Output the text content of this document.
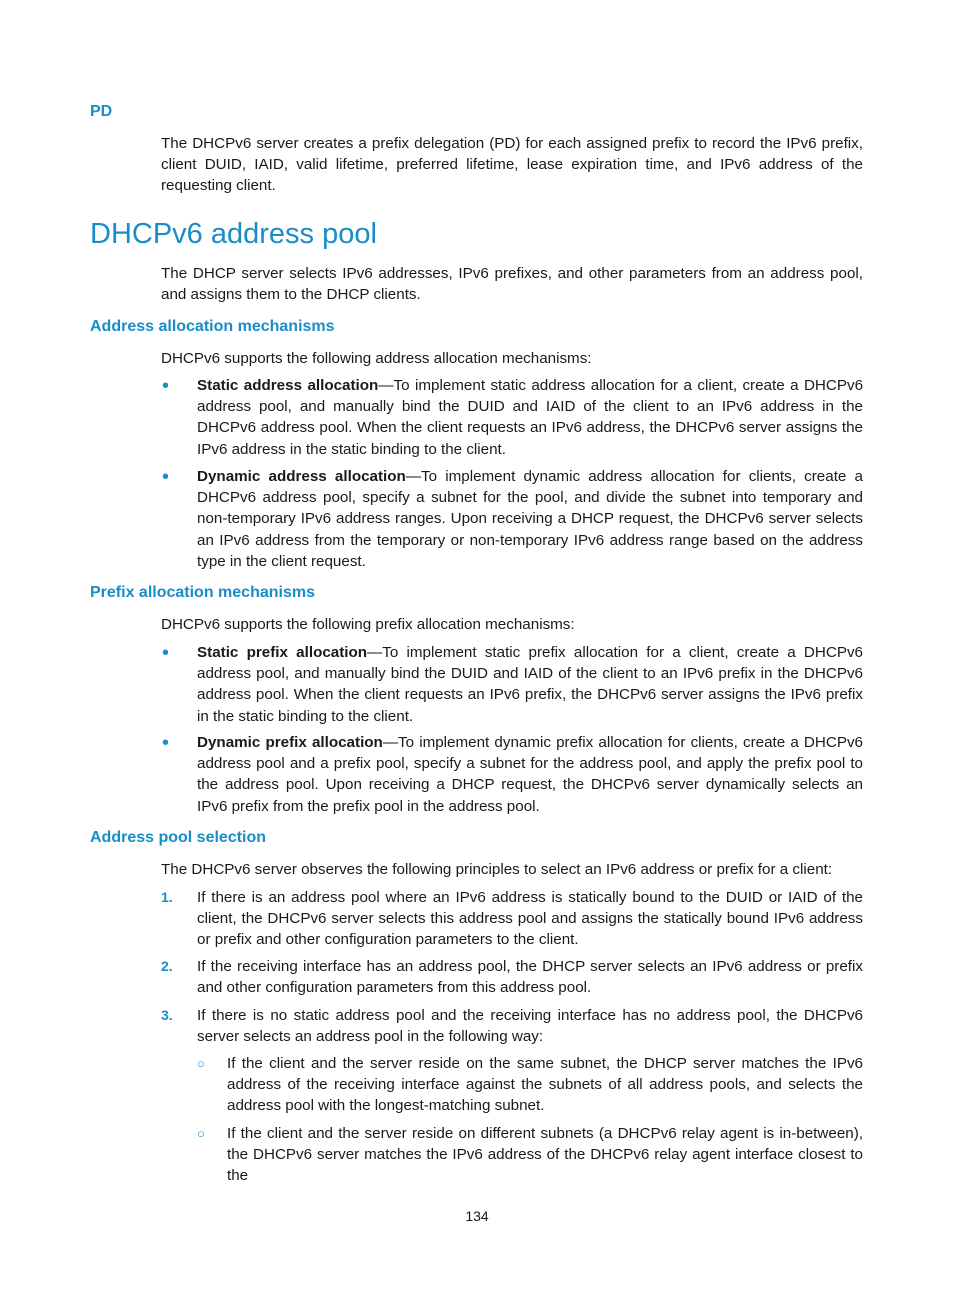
PD

The DHCPv6 server creates a prefix delegation (PD) for each assigned prefix to record the IPv6 prefix, client DUID, IAID, valid lifetime, preferred lifetime, lease expiration time, and IPv6 address of the requesting client.

DHCPv6 address pool

The DHCP server selects IPv6 addresses, IPv6 prefixes, and other parameters from an address pool, and assigns them to the DHCP clients.

Address allocation mechanisms

DHCPv6 supports the following address allocation mechanisms:

• Static address allocation—To implement static address allocation for a client, create a DHCPv6 address pool, and manually bind the DUID and IAID of the client to an IPv6 address in the DHCPv6 address pool. When the client requests an IPv6 address, the DHCPv6 server assigns the IPv6 address in the static binding to the client.

• Dynamic address allocation—To implement dynamic address allocation for clients, create a DHCPv6 address pool, specify a subnet for the pool, and divide the subnet into temporary and non-temporary IPv6 address ranges. Upon receiving a DHCP request, the DHCPv6 server selects an IPv6 address from the temporary or non-temporary IPv6 address range based on the address type in the client request.

Prefix allocation mechanisms

DHCPv6 supports the following prefix allocation mechanisms:

• Static prefix allocation—To implement static prefix allocation for a client, create a DHCPv6 address pool, and manually bind the DUID and IAID of the client to an IPv6 prefix in the DHCPv6 address pool. When the client requests an IPv6 prefix, the DHCPv6 server assigns the IPv6 prefix in the static binding to the client.

• Dynamic prefix allocation—To implement dynamic prefix allocation for clients, create a DHCPv6 address pool and a prefix pool, specify a subnet for the address pool, and apply the prefix pool to the address pool. Upon receiving a DHCP request, the DHCPv6 server dynamically selects an IPv6 prefix from the prefix pool in the address pool.

Address pool selection

The DHCPv6 server observes the following principles to select an IPv6 address or prefix for a client:

1. If there is an address pool where an IPv6 address is statically bound to the DUID or IAID of the client, the DHCPv6 server selects this address pool and assigns the statically bound IPv6 address or prefix and other configuration parameters to the client.

2. If the receiving interface has an address pool, the DHCP server selects an IPv6 address or prefix and other configuration parameters from this address pool.

3. If there is no static address pool and the receiving interface has no address pool, the DHCPv6 server selects an address pool in the following way:

○ If the client and the server reside on the same subnet, the DHCP server matches the IPv6 address of the receiving interface against the subnets of all address pools, and selects the address pool with the longest-matching subnet.

○ If the client and the server reside on different subnets (a DHCPv6 relay agent is in-between), the DHCPv6 server matches the IPv6 address of the DHCPv6 relay agent interface closest to the

134
